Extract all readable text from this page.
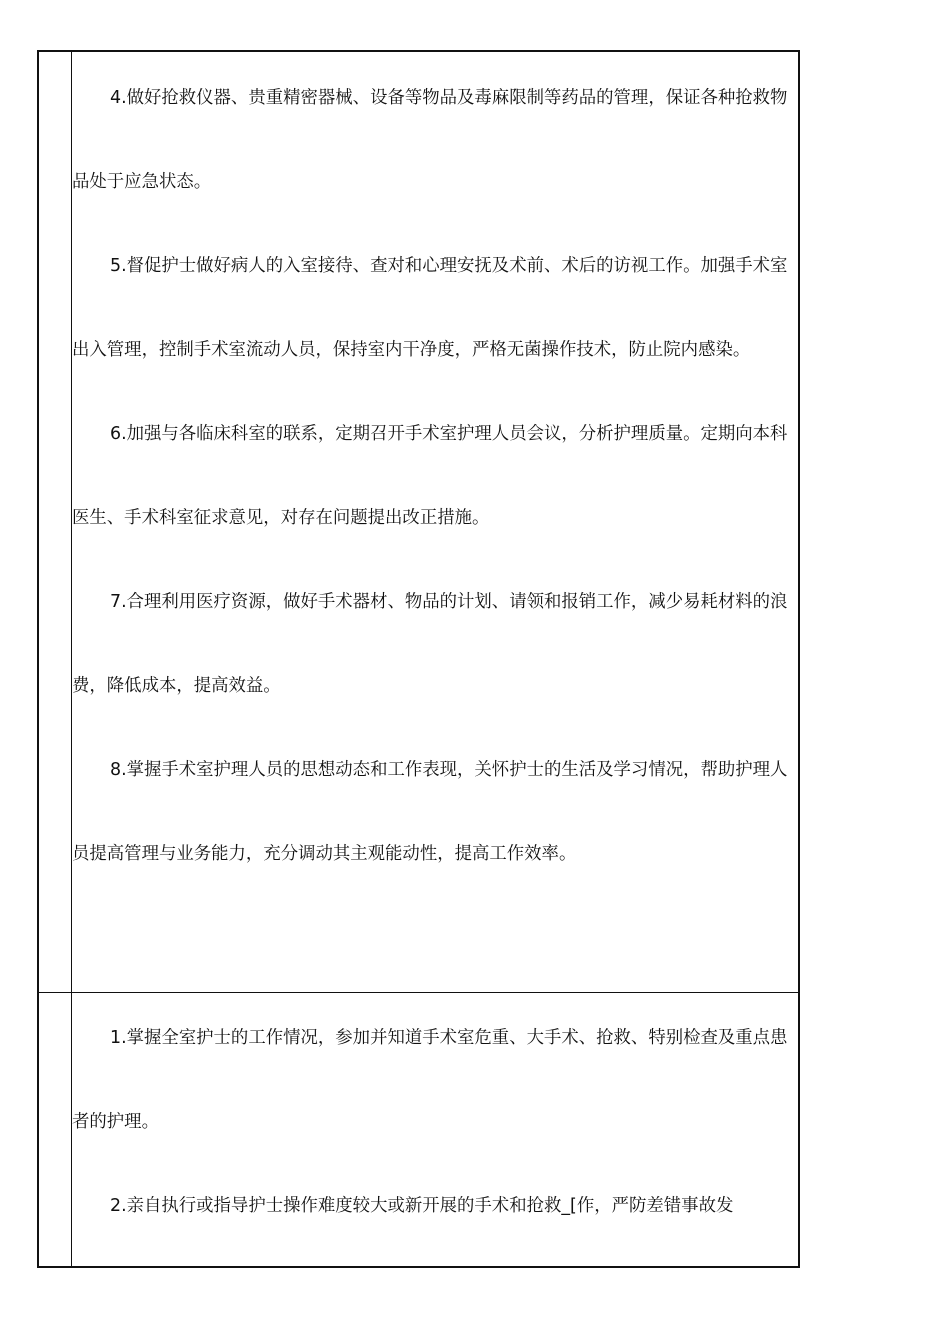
4.做好抢救仪器、贵重精密器械、设备等物品及毒麻限制等药品的管理，保证各种抢救物品处于应急状态。

5.督促护士做好病人的入室接待、查对和心理安抚及术前、术后的访视工作。加强手术室出入管理，控制手术室流动人员，保持室内干净度，严格无菌操作技术，防止院内感染。

6.加强与各临床科室的联系，定期召开手术室护理人员会议，分析护理质量。定期向本科医生、手术科室征求意见，对存在问题提出改正措施。

7.合理利用医疗资源，做好手术器材、物品的计划、请领和报销工作，减少易耗材料的浪费，降低成本，提高效益。

8.掌握手术室护理人员的思想动态和工作表现，关怀护士的生活及学习情况，帮助护理人员提高管理与业务能力，充分调动其主观能动性，提高工作效率。

1.掌握全室护士的工作情况，参加并知道手术室危重、大手术、抢救、特别检查及重点患者的护理。

2.亲自执行或指导护士操作难度较大或新开展的手术和抢救_[作，严防差错事故发
